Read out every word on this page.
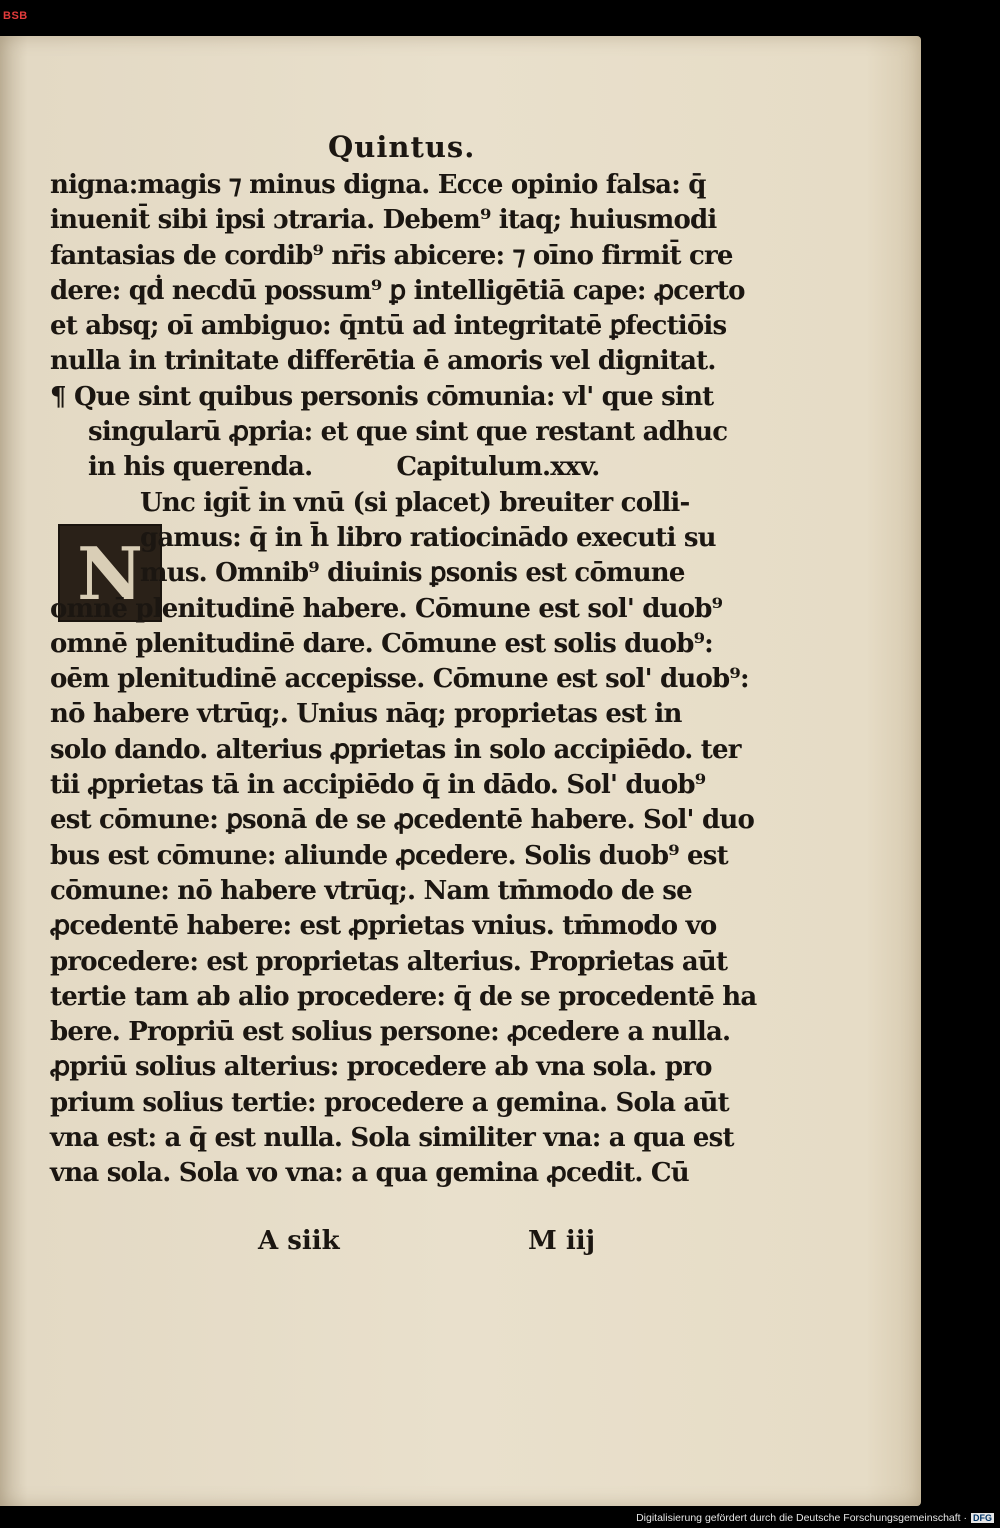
BSB
Quintus.
N
nigna:magis ⁊ minus digna. Ecce opinio falsa: q̄
inuenit̄ sibi ipsi ɔtraria. Debem⁹ itaq; huiusmodi
fantasias de cordib⁹ nr̄is abicere: ⁊ oīno firmit̄ cre
dere: qḋ necdū possum⁹ ꝑ intelligētiā cape: ꝓcerto
et absq; oī ambiguo: q̄ntū ad integritatē ꝑfectiōis
nulla in trinitate differētia ē amoris vel dignitat.
¶ Que sint quibus personis cōmunia: vl' que sint
singularū ꝓpria: et que sint que restant adhuc
in his querenda.	Capitulum.xxv.
Unc igit̄ in vnū (si placet) breuiter colli-
gamus: q̄ in h̄ libro ratiocinādo executi su
mus. Omnib⁹ diuinis ꝑsonis est cōmune
omnē plenitudinē habere. Cōmune est sol' duob⁹
omnē plenitudinē dare. Cōmune est solis duob⁹:
oēm plenitudinē accepisse. Cōmune est sol' duob⁹:
nō habere vtrūq;. Unius nāq; proprietas est in
solo dando. alterius ꝓprietas in solo accipiēdo. ter
tii ꝓprietas tā in accipiēdo q̄ in dādo. Sol' duob⁹
est cōmune: ꝑsonā de se ꝓcedentē habere. Sol' duo
bus est cōmune: aliunde ꝓcedere. Solis duob⁹ est
cōmune: nō habere vtrūq;. Nam tm̄modo de se
ꝓcedentē habere: est ꝓprietas vnius. tm̄modo vo
procedere: est proprietas alterius. Proprietas aūt
tertie tam ab alio procedere: q̄ de se procedentē ha
bere. Propriū est solius persone: ꝓcedere a nulla.
ꝓpriū solius alterius: procedere ab vna sola. pro
prium solius tertie: procedere a gemina. Sola aūt
vna est: a q̄ est nulla. Sola similiter vna: a qua est
vna sola. Sola vo vna: a qua gemina ꝓcedit. Cū
A siik	M iij
Digitalisierung gefördert durch die Deutsche Forschungsgemeinschaft · DFG
